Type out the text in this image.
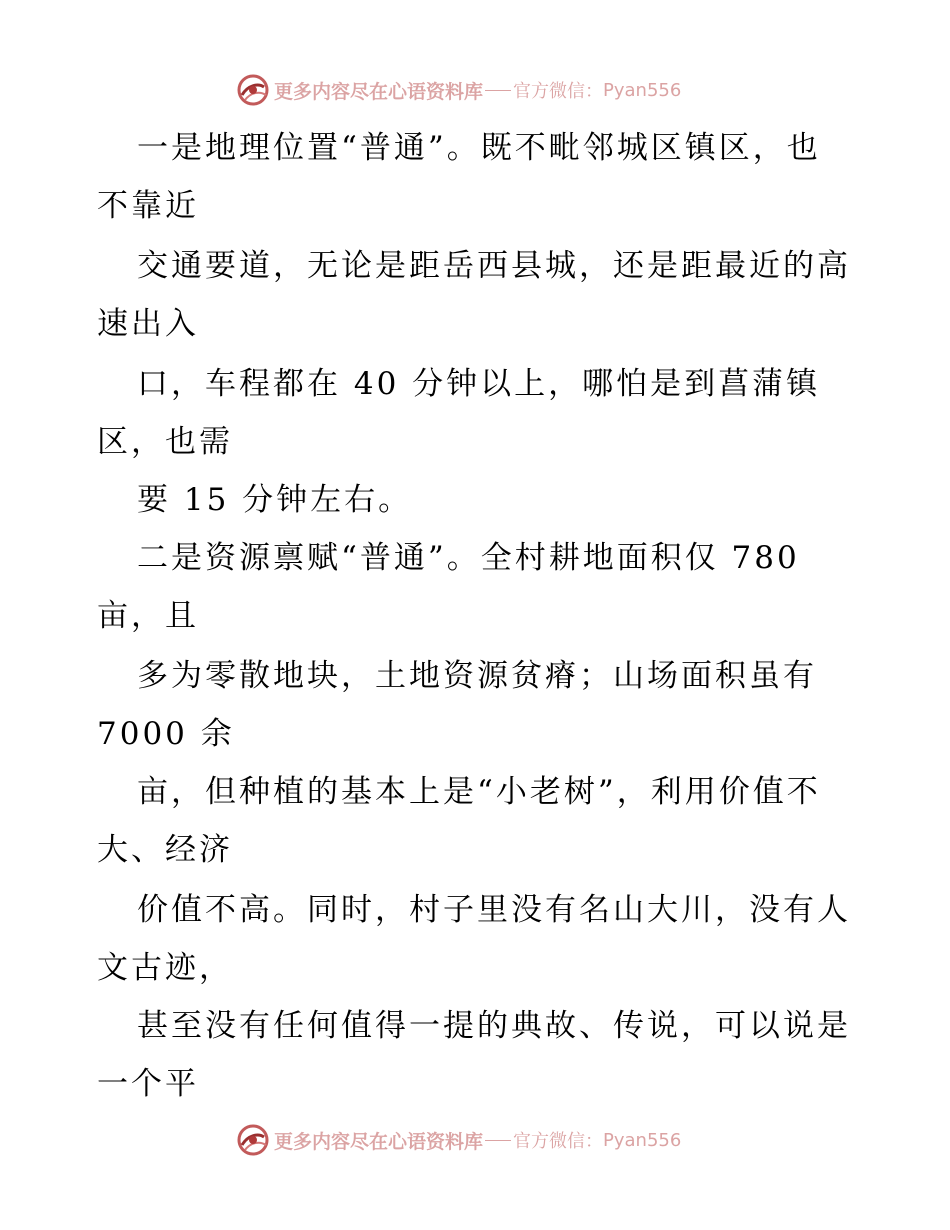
更多内容尽在心语资料库 官方微信： Pyan556
一是地理位置“普通”。既不毗邻城区镇区，也
不靠近
交通要道，无论是距岳西县城，还是距最近的高
速出入
口，车程都在 40 分钟以上，哪怕是到菖蒲镇
区，也需
要 15 分钟左右。
二是资源禀赋“普通”。全村耕地面积仅 780
亩，且
多为零散地块，土地资源贫瘠；山场面积虽有
7000 余
亩，但种植的基本上是“小老树”，利用价值不
大、经济
价值不高。同时，村子里没有名山大川，没有人
文古迹，
甚至没有任何值得一提的典故、传说，可以说是
一个平
更多内容尽在心语资料库 官方微信： Pyan556
